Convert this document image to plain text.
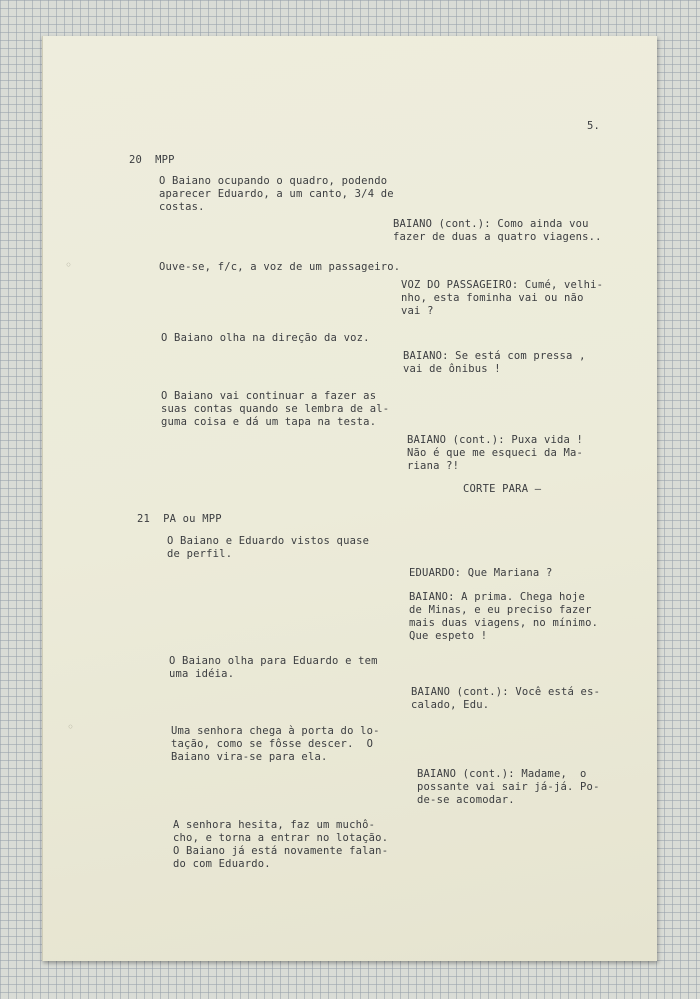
◦
◦

5.

20  MPP

O Baiano ocupando o quadro, podendo
aparecer Eduardo, a um canto, 3/4 de
costas.

BAIANO (cont.): Como ainda vou
fazer de duas a quatro viagens..

Ouve-se, f/c, a voz de um passageiro.

VOZ DO PASSAGEIRO: Cumé, velhi-
nho, esta fominha vai ou não
vai ?

O Baiano olha na direção da voz.

BAIANO: Se está com pressa ,
vai de ônibus !

O Baiano vai continuar a fazer as
suas contas quando se lembra de al-
guma coisa e dá um tapa na testa.

BAIANO (cont.): Puxa vida !
Não é que me esqueci da Ma-
riana ?!

CORTE PARA —

21  PA ou MPP

O Baiano e Eduardo vistos quase
de perfil.

EDUARDO: Que Mariana ?

BAIANO: A prima. Chega hoje
de Minas, e eu preciso fazer
mais duas viagens, no mínimo.
Que espeto !

O Baiano olha para Eduardo e tem
uma idéia.

BAIANO (cont.): Você está es-
calado, Edu.

Uma senhora chega à porta do lo-
tação, como se fôsse descer.  O
Baiano vira-se para ela.

BAIANO (cont.): Madame,  o
possante vai sair já-já. Po-
de-se acomodar.

A senhora hesita, faz um muchô-
cho, e torna a entrar no lotação.
O Baiano já está novamente falan-
do com Eduardo.
